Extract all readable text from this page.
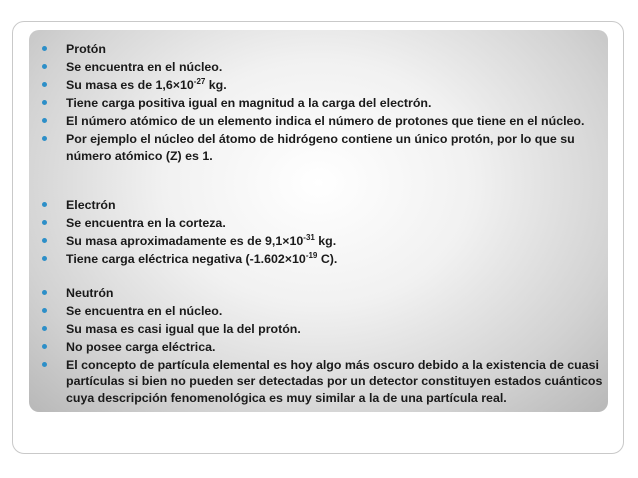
Protón
Se encuentra en el núcleo.
Su masa es de $1,6\times 10^{-27}$ kg.
Tiene carga positiva igual en magnitud a la carga del electrón.
El número atómico de un elemento indica el número de protones que tiene en el núcleo.
Por ejemplo el núcleo del átomo de hidrógeno contiene un único protón, por lo que su número atómico (Z) es 1.
Electrón
Se encuentra en la corteza.
Su masa aproximadamente es de $9,1\times 10^{-31}$ kg.
Tiene carga eléctrica negativa ($-1.602\times 10^{-19}$ C).
Neutrón
Se encuentra en el núcleo.
Su masa es casi igual que la del protón.
No posee carga eléctrica.
El concepto de partícula elemental es hoy algo más oscuro debido a la existencia de cuasi partículas si bien no pueden ser detectadas por un detector constituyen estados cuánticos cuya descripción fenomenológica es muy similar a la de una partícula real.
